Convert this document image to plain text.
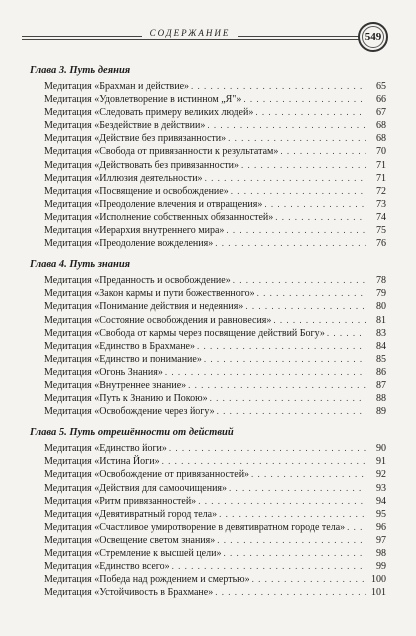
СОДЕРЖАНИЕ	549
Глава 3. Путь деяния
Медитация «Брахман и действие» . . .	65
Медитация «Удовлетворение в истинном „Я"» . . .	66
Медитация «Следовать примеру великих людей» . . .	67
Медитация «Бездействие в действии» . . .	68
Медитация «Действие без привязанности» . . .	68
Медитация «Свобода от привязанности к результатам» . . .	70
Медитация «Действовать без привязанности» . . .	71
Медитация «Иллюзия деятельности» . . .	71
Медитация «Посвящение и освобождение» . . .	72
Медитация «Преодоление влечения и отвращения» . . .	73
Медитация «Исполнение собственных обязанностей» . . .	74
Медитация «Иерархия внутреннего мира» . . .	75
Медитация «Преодоление вожделения» . . .	76
Глава 4. Путь знания
Медитация «Преданность и освобождение» . . .	78
Медитация «Закон кармы и пути божественного» . . .	79
Медитация «Понимание действия и недеяния» . . .	80
Медитация «Состояние освобождения и равновесия» . . .	81
Медитация «Свобода от кармы через посвящение действий Богу» . . .	83
Медитация «Единство в Брахмане» . . .	84
Медитация «Единство и понимание» . . .	85
Медитация «Огонь Знания» . . .	86
Медитация «Внутреннее знание» . . .	87
Медитация «Путь к Знанию и Покою» . . .	88
Медитация «Освобождение через йогу» . . .	89
Глава 5. Путь отрешённости от действий
Медитация «Единство йоги» . . .	90
Медитация «Истина Йоги» . . .	91
Медитация «Освобождение от привязанностей» . . .	92
Медитация «Действия для самоочищения» . . .	93
Медитация «Ритм привязанностей» . . .	94
Медитация «Девятивратный город тела» . . .	95
Медитация «Счастливое умиротворение в девятивратном городе тела» . . .	96
Медитация «Освещение светом знания» . . .	97
Медитация «Стремление к высшей цели» . . .	98
Медитация «Единство всего» . . .	99
Медитация «Победа над рождением и смертью» . . .	100
Медитация «Устойчивость в Брахмане» . . .	101
